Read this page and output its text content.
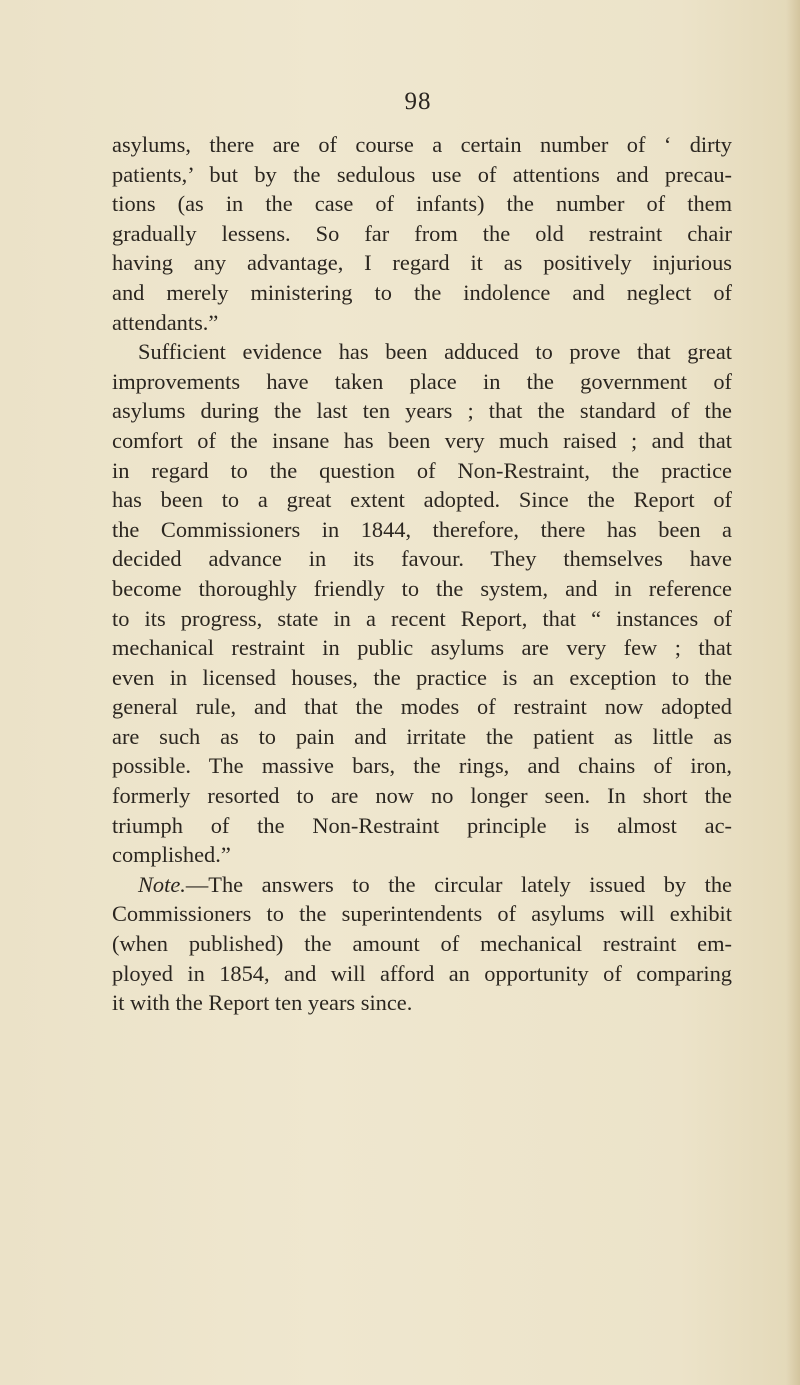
98
asylums, there are of course a certain number of ‘ dirty
patients,’ but by the sedulous use of attentions and precau-
tions (as in the case of infants) the number of them
gradually lessens. So far from the old restraint chair
having any advantage, I regard it as positively injurious
and merely ministering to the indolence and neglect of
attendants.”
Sufficient evidence has been adduced to prove that great
improvements have taken place in the government of
asylums during the last ten years ; that the standard of the
comfort of the insane has been very much raised ; and that
in regard to the question of Non-Restraint, the practice
has been to a great extent adopted. Since the Report of
the Commissioners in 1844, therefore, there has been a
decided advance in its favour. They themselves have
become thoroughly friendly to the system, and in reference
to its progress, state in a recent Report, that “ instances of
mechanical restraint in public asylums are very few ; that
even in licensed houses, the practice is an exception to the
general rule, and that the modes of restraint now adopted
are such as to pain and irritate the patient as little as
possible. The massive bars, the rings, and chains of iron,
formerly resorted to are now no longer seen. In short the
triumph of the Non-Restraint principle is almost ac-
complished.”
Note.—The answers to the circular lately issued by the
Commissioners to the superintendents of asylums will exhibit
(when published) the amount of mechanical restraint em-
ployed in 1854, and will afford an opportunity of comparing
it with the Report ten years since.
